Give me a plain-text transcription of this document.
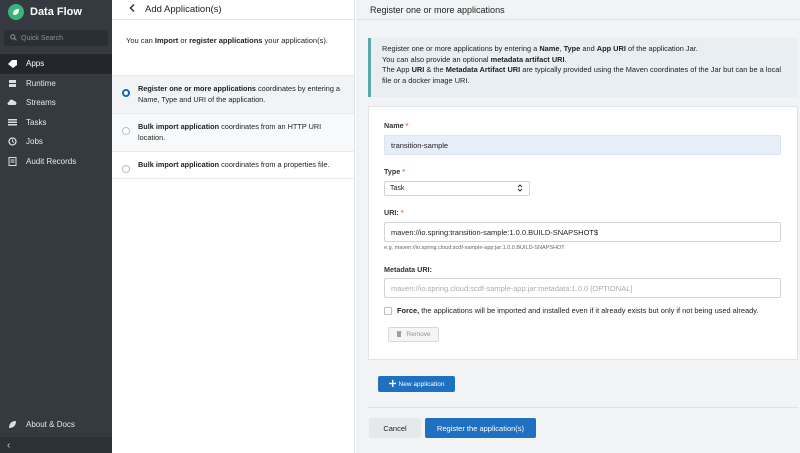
Data Flow
Quick Search
Apps
Runtime
Streams
Tasks
Jobs
Audit Records
About & Docs
‹
Add Application(s)
You can Import or register applications your application(s).
Register one or more applications coordinates by entering a Name, Type and URI of the application.
Bulk import application coordinates from an HTTP URI location.
Bulk import application coordinates from a properties file.
Register one or more applications
Register one or more applications by entering a Name, Type and App URI of the application Jar.
You can also provide an optional metadata artifact URI.
The App URI & the Metadata Artifact URI are typically provided using the Maven coordinates of the Jar but can be a local
file or a docker image URI.
Name *
transition-sample
Type *
Task
URI: *
maven://io.spring:transition-sample:1.0.0.BUILD-SNAPSHOT$
e.g. maven://io.spring.cloud:scdf-sample-app:jar:1.0.0.BUILD-SNAPSHOT
Metadata URI:
maven://io.spring.cloud:scdf-sample-app:jar:metadata:1.0.0 [OPTIONAL]
Force, the applications will be imported and installed even if it already exists but only if not being used already.
Remove
New application
Cancel	Register the application(s)
